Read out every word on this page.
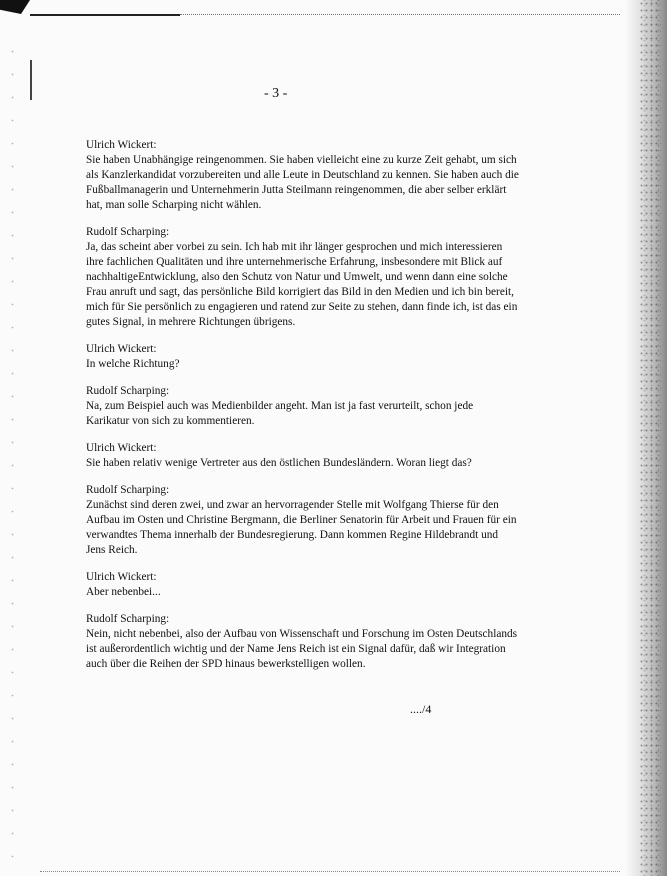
- 3 -
Ulrich Wickert:
Sie haben Unabhängige reingenommen. Sie haben vielleicht eine zu kurze Zeit gehabt, um sich
als Kanzlerkandidat vorzubereiten und alle Leute in Deutschland zu kennen. Sie haben auch die
Fußballmanagerin und Unternehmerin Jutta Steilmann reingenommen, die aber selber erklärt
hat, man solle Scharping nicht wählen.
Rudolf Scharping:
Ja, das scheint aber vorbei zu sein. Ich hab mit ihr länger gesprochen und mich interessieren
ihre fachlichen Qualitäten und ihre unternehmerische Erfahrung, insbesondere mit Blick auf
nachhaltigeEntwicklung, also den Schutz von Natur und Umwelt, und wenn dann eine solche
Frau anruft und sagt, das persönliche Bild korrigiert das Bild in den Medien und ich bin bereit,
mich für Sie persönlich zu engagieren und ratend zur Seite zu stehen, dann finde ich, ist das ein
gutes Signal, in mehrere Richtungen übrigens.
Ulrich Wickert:
In welche Richtung?
Rudolf Scharping:
Na, zum Beispiel auch was Medienbilder angeht. Man ist ja fast verurteilt, schon jede
Karikatur von sich zu kommentieren.
Ulrich Wickert:
Sie haben relativ wenige Vertreter aus den östlichen Bundesländern. Woran liegt das?
Rudolf Scharping:
Zunächst sind deren zwei, und zwar an hervorragender Stelle mit Wolfgang Thierse für den
Aufbau im Osten und Christine Bergmann, die Berliner Senatorin für Arbeit und Frauen für ein
verwandtes Thema innerhalb der Bundesregierung. Dann kommen Regine Hildebrandt und
Jens Reich.
Ulrich Wickert:
Aber nebenbei...
Rudolf Scharping:
Nein, nicht nebenbei, also der Aufbau von Wissenschaft und Forschung im Osten Deutschlands
ist außerordentlich wichtig und der Name Jens Reich ist ein Signal dafür, daß wir Integration
auch über die Reihen der SPD hinaus bewerkstelligen wollen.
..../4
